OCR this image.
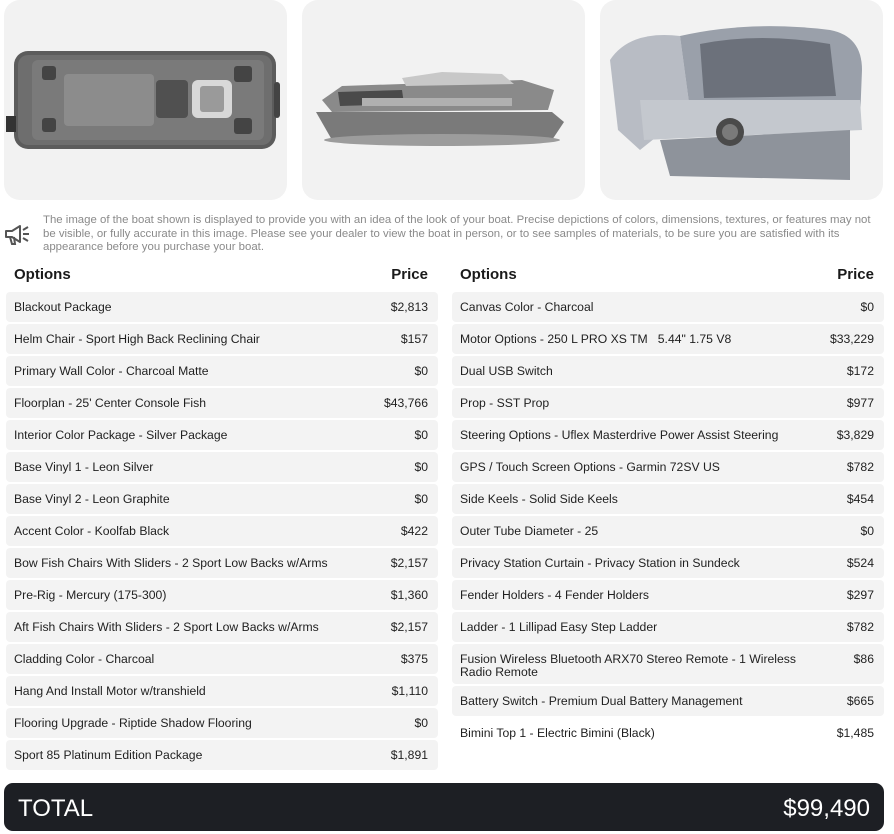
The image of the boat shown is displayed to provide you with an idea of the look of your boat. Precise depictions of colors, dimensions, textures, or features may not be visible, or fully accurate in this image. Please see your dealer to view the boat in person, or to see samples of materials, to be sure you are satisfied with its appearance before you purchase your boat.

Options	Price
Blackout Package	$2,813
Helm Chair - Sport High Back Reclining Chair	$157
Primary Wall Color - Charcoal Matte	$0
Floorplan - 25' Center Console Fish	$43,766
Interior Color Package - Silver Package	$0
Base Vinyl 1 - Leon Silver	$0
Base Vinyl 2 - Leon Graphite	$0
Accent Color - Koolfab Black	$422
Bow Fish Chairs With Sliders - 2 Sport Low Backs w/Arms	$2,157
Pre-Rig - Mercury (175-300)	$1,360
Aft Fish Chairs With Sliders - 2 Sport Low Backs w/Arms	$2,157
Cladding Color - Charcoal	$375
Hang And Install Motor w/transhield	$1,110
Flooring Upgrade - Riptide Shadow Flooring	$0
Sport 85 Platinum Edition Package	$1,891
Options	Price
Canvas Color - Charcoal	$0
Motor Options - 250 L PRO XS TM   5.44" 1.75 V8	$33,229
Dual USB Switch	$172
Prop - SST Prop	$977
Steering Options - Uflex Masterdrive Power Assist Steering	$3,829
GPS / Touch Screen Options - Garmin 72SV US	$782
Side Keels - Solid Side Keels	$454
Outer Tube Diameter - 25	$0
Privacy Station Curtain - Privacy Station in Sundeck	$524
Fender Holders - 4 Fender Holders	$297
Ladder - 1 Lillipad Easy Step Ladder	$782
Fusion Wireless Bluetooth ARX70 Stereo Remote - 1 Wireless Radio Remote
$86
Battery Switch - Premium Dual Battery Management	$665
Bimini Top 1 - Electric Bimini (Black)	$1,485
TOTAL	$99,490
